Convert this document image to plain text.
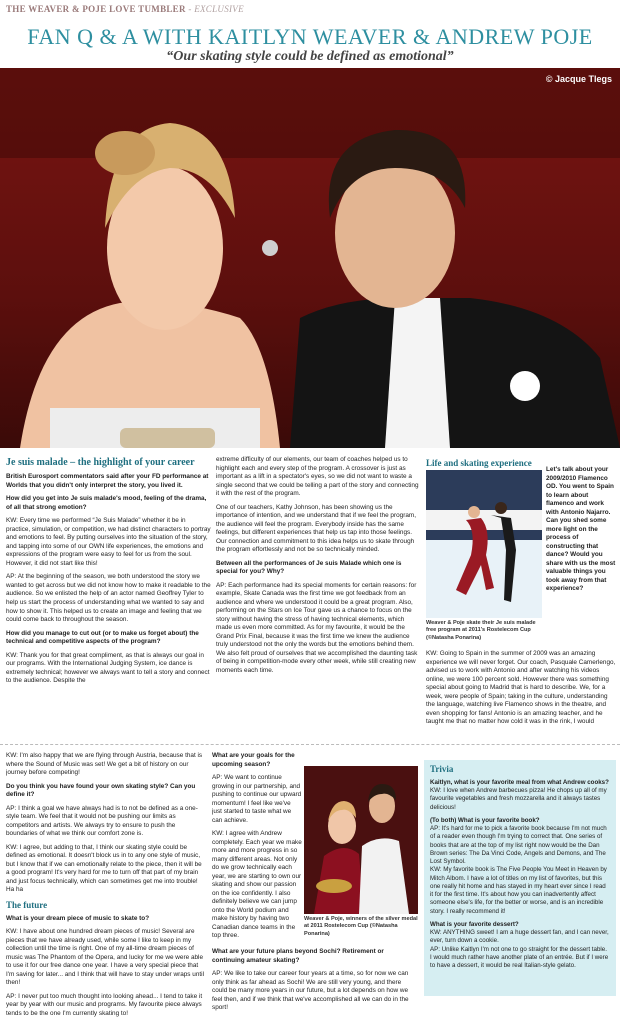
THE WEAVER & POJE LOVE TUMBLER - EXCLUSIVE
FAN Q & A WITH KAITLYN WEAVER & ANDREW POJE
“Our skating style could be defined as emotional”
© Jacque Tlegs
Je suis malade – the highlight of your career

British Eurosport commentators said after your FD performance at Worlds that you didn't only interpret the story, you lived it.

How did you get into Je suis malade's mood, feeling of the drama, of all that strong emotion?

KW: Every time we performed “Je Suis Malade” whether it be in practice, simulation, or competition, we had distinct characters to portray and emotions to feel. By putting ourselves into the situation of the story, and tapping into some of our OWN life experiences, the emotions and expressions of the program were easy to feel for us from the soul. However, it did not start like this!

AP: At the beginning of the season, we both understood the story we wanted to get across but we did not know how to make it readable to the audience. So we enlisted the help of an actor named Geoffrey Tyler to help us start the process of understanding what we wanted to say and how to show it. This helped us to create an image and feeling that we could come back to throughout the season.

How did you manage to cut out (or to make us forget about) the technical and competitive aspects of the program?

KW: Thank you for that great compliment, as that is always our goal in our programs. With the International Judging System, ice dance is extremely technical; however we always want to tell a story and connect to the audience. Despite the

extreme difficulty of our elements, our team of coaches helped us to highlight each and every step of the program. A crossover is just as important as a lift in a spectator's eyes, so we did not want to waste a single second that we could be telling a part of the story and connecting it with the rest of the program.

One of our teachers, Kathy Johnson, has been showing us the importance of intention, and we understand that if we feel the program, the audience will feel the program. Everybody inside has the same feelings, but different experiences that help us tap into those feelings. Our connection and commitment to this idea helps us to skate through the program effortlessly and not be so technically minded.

Between all the performances of Je suis Malade which one is special for you? Why?

AP: Each performance had its special moments for certain reasons: for example, Skate Canada was the first time we got feedback from an audience and where we understood it could be a great program. Also, performing on the Stars on Ice Tour gave us a chance to focus on the story without having the stress of having technical elements, which made us even more committed. As for my favourite, it would be the Grand Prix Final, because it was the first time we knew the audience truly understood not the only the words but the emotions behind them. We also felt proud of ourselves that we accomplished the daunting task of being in competition-mode every other week, while still creating new moments each time.

Life and skating experience
Weaver & Poje skate their Je suis malade free program at 2011's Rostelecom Cup (©Natasha Ponarina)

Let's talk about your 2009/2010 Flamenco OD. You went to Spain to learn about flamenco and work with Antonio Najarro. Can you shed some more light on the process of constructing that dance? Would you share with us the most valuable things you took away from that experience?

KW: Going to Spain in the summer of 2009 was an amazing experience we will never forget. Our coach, Pasquale Camerlengo, advised us to work with Antonio and after watching his videos online, we were 100 percent sold. However there was something special about going to Madrid that is hard to describe. We, for a week, were people of Spain; taking in the culture, understanding the language, watching live Flamenco shows in the theatre, and even shopping for fans! Antonio is an amazing teacher, and he taught me that no matter how cold it was in the rink, I would

KW: I'm also happy that we are flying through Austria, because that is where the Sound of Music was set! We get a bit of history on our journey before competing!

Do you think you have found your own skating style? Can you define it?

AP: I think a goal we have always had is to not be defined as a one-style team. We feel that it would not be pushing our limits as competitors and artists. We always try to ensure to push the boundaries of what we think our comfort zone is.

KW: I agree, but adding to that, I think our skating style could be defined as emotional. It doesn't block us in to any one style of music, but I know that if we can emotionally relate to the piece, then it will be a good program! It's very hard for me to turn off that part of my brain and just focus technically, which can sometimes get me into trouble! Ha ha

The future

What is your dream piece of music to skate to?

KW: I have about one hundred dream pieces of music! Several are pieces that we have already used, while some I like to keep in my collection until the time is right. One of my all-time dream pieces of music was The Phantom of the Opera, and lucky for me we were able to use it for our free dance one year. I have a very special piece that I'm saving for later... and I think that will have to stay under wraps until then!

AP: I never put too much thought into looking ahead... I tend to take it year by year with our music and programs. My favourite piece always tends to be the one I'm currently skating to!

What are your goals for the upcoming season?

AP: We want to continue growing in our partnership, and pushing to continue our upward momentum! I feel like we've just started to taste what we can achieve.

KW: I agree with Andrew completely. Each year we make more and more progress in so many different areas. Not only do we grow technically each year, we are starting to own our skating and show our passion on the ice confidently. I also definitely believe we can jump onto the World podium and make history by having two Canadian dance teams in the top three.

Weaver & Poje, winners of the silver medal at 2011 Rostelecom Cup (©Natasha Ponarina)

What are your future plans beyond Sochi? Retirement or continuing amateur skating?

AP: We like to take our career four years at a time, so for now we can only think as far ahead as Sochi! We are still very young, and there could be many more years in our future, but a lot depends on how we feel then, and if we think that we've accomplished all we can do in the sport!

Trivia

Kaitlyn, what is your favorite meal from what Andrew cooks?
KW: I love when Andrew barbecues pizza! He chops up all of my favourite vegetables and fresh mozzarella and it always tastes delicious!

(To both) What is your favorite book?
AP: It's hard for me to pick a favorite book because I'm not much of a reader even though I'm trying to correct that. One series of books that are at the top of my list right now would be the Dan Brown series: The Da Vinci Code, Angels and Demons, and The Lost Symbol.
KW: My favorite book is The Five People You Meet in Heaven by Mitch Albom. I have a lot of titles on my list of favorites, but this one really hit home and has stayed in my heart ever since I read it for the first time. It's about how you can inadvertently affect someone else's life, for the better or worse, and is an incredible story. I really recommend it!

What is your favorite dessert?
KW: ANYTHING sweet! I am a huge dessert fan, and I can never, ever, turn down a cookie.
AP: Unlike Kaitlyn I'm not one to go straight for the dessert table. I would much rather have another plate of an entrée. But if I were to have a dessert, it would be real Italian-style gelato.
